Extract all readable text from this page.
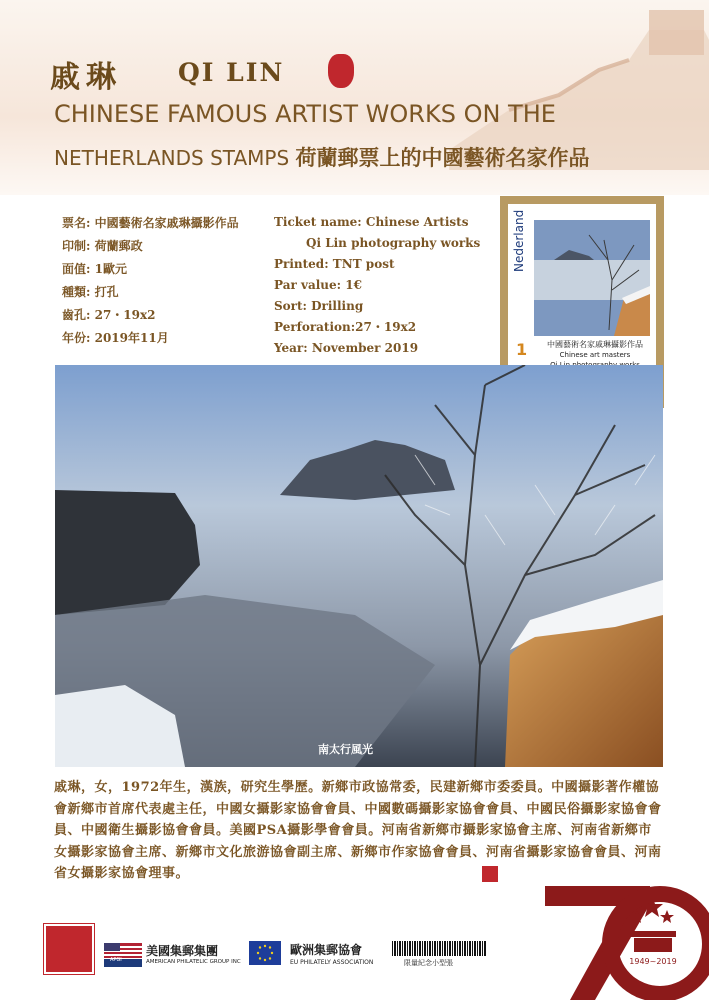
戚琳 QI LIN
CHINESE FAMOUS ARTIST WORKS ON THE
NETHERLANDS STAMPS 荷蘭郵票上的中國藝術名家作品
票名: 中國藝術名家戚琳攝影作品
印制: 荷蘭郵政
面值: 1歐元
種類: 打孔
齒孔: 27・19x2
年份: 2019年11月
Ticket name: Chinese Artists
Qi Lin photography works
Printed: TNT post
Par value: 1€
Sort: Drilling
Perforation:27・19x2
Year: November 2019
Nederland
1	中國藝術名家戚琳攝影作品
Chinese art masters
南太行風光
戚琳，女，1972年生，漢族，研究生學歷。新鄉市政協常委，民建新鄉市委委員。中國攝影著作權協會新鄉市首席代表處主任，中國女攝影家協會會員、中國數碼攝影家協會會員、中國民俗攝影家協會會員、中國衛生攝影協會會員。美國PSA攝影學會會員。河南省新鄉市攝影家協會主席、河南省新鄉市女攝影家協會主席、新鄉市文化旅游協會副主席、新鄉市作家協會會員、河南省攝影家協會會員、河南省女攝影家協會理事。
1949~2019
APGI
美國集郵集團
AMERICAN PHILATELIC GROUP INC
歐洲集郵協會
EU PHILATELY ASSOCIATION	限量紀念小型張
